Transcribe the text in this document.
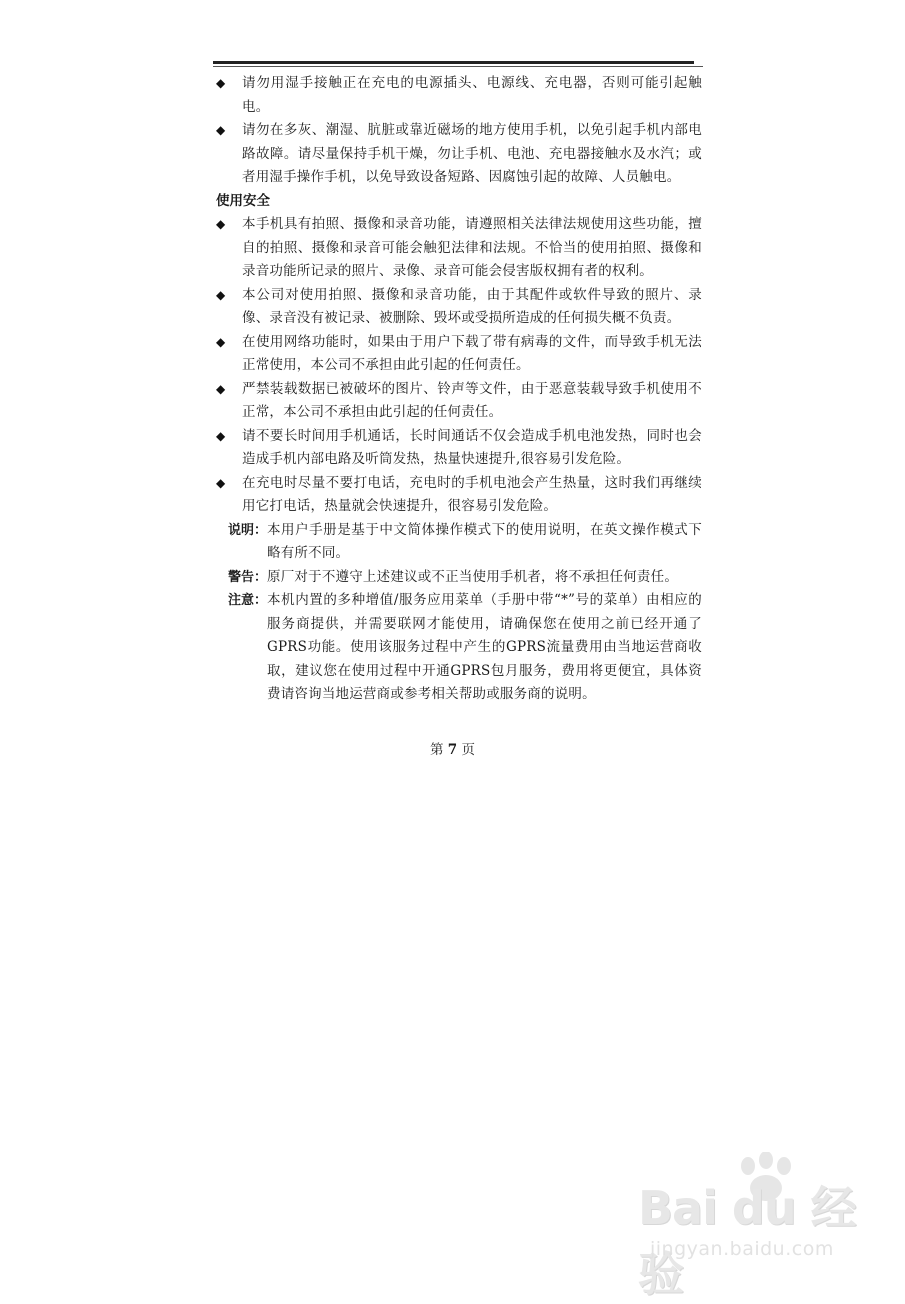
◆	请勿用湿手接触正在充电的电源插头、电源线、充电器，否则可能引起触电。
◆	请勿在多灰、潮湿、肮脏或靠近磁场的地方使用手机，以免引起手机内部电路故障。请尽量保持手机干燥，勿让手机、电池、充电器接触水及水汽；或者用湿手操作手机，以免导致设备短路、因腐蚀引起的故障、人员触电。
使用安全
◆	本手机具有拍照、摄像和录音功能，请遵照相关法律法规使用这些功能，擅自的拍照、摄像和录音可能会触犯法律和法规。不恰当的使用拍照、摄像和录音功能所记录的照片、录像、录音可能会侵害版权拥有者的权利。
◆	本公司对使用拍照、摄像和录音功能，由于其配件或软件导致的照片、录像、录音没有被记录、被删除、毁坏或受损所造成的任何损失概不负责。
◆	在使用网络功能时，如果由于用户下载了带有病毒的文件，而导致手机无法正常使用，本公司不承担由此引起的任何责任。
◆	严禁装载数据已被破坏的图片、铃声等文件，由于恶意装载导致手机使用不正常，本公司不承担由此引起的任何责任。
◆	请不要长时间用手机通话，长时间通话不仅会造成手机电池发热，同时也会造成手机内部电路及听筒发热，热量快速提升,很容易引发危险。
◆	在充电时尽量不要打电话，充电时的手机电池会产生热量，这时我们再继续用它打电话，热量就会快速提升，很容易引发危险。
说明： 本用户手册是基于中文简体操作模式下的使用说明，在英文操作模式下略有所不同。
警告： 原厂对于不遵守上述建议或不正当使用手机者，将不承担任何责任。
注意： 本机内置的多种增值/服务应用菜单（手册中带“*”号的菜单）由相应的服务商提供，并需要联网才能使用，请确保您在使用之前已经开通了GPRS功能。使用该服务过程中产生的GPRS流量费用由当地运营商收取，建议您在使用过程中开通GPRS包月服务，费用将更便宜，具体资费请咨询当地运营商或参考相关帮助或服务商的说明。
第 7 页
Bai du 经验
jingyan.baidu.com
